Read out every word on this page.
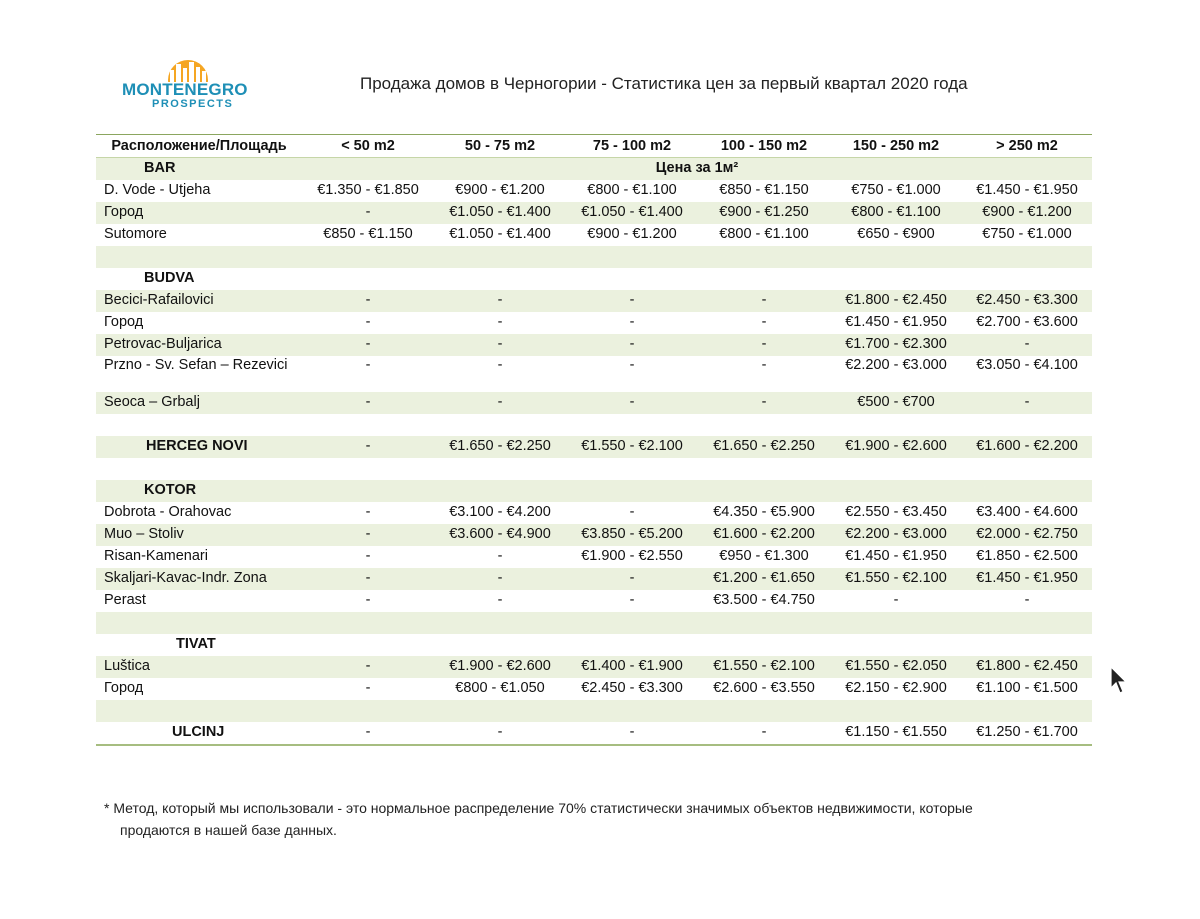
MONTENEGRO
PROSPECTS
Продажа домов в Черногории - Статистика цен за первый квартал 2020 года
Расположение/Площадь	< 50 m2	50 - 75 m2	75 - 100 m2	100 - 150 m2	150 - 250 m2	> 250 m2
BAR	Цена за 1м²					
D. Vode - Utjeha	€1.350 - €1.850	€900 - €1.200	€800 - €1.100	€850 - €1.150	€750 - €1.000	€1.450 - €1.950
Город	-	€1.050 - €1.400	€1.050 - €1.400	€900 - €1.250	€800 - €1.100	€900 - €1.200
Sutomore	€850 - €1.150	€1.050 - €1.400	€900 - €1.200	€800 - €1.100	€650 - €900	€750 - €1.000

BUDVA						
Becici-Rafailovici	-	-	-	-	€1.800 - €2.450	€2.450 - €3.300
Город	-	-	-	-	€1.450 - €1.950	€2.700 - €3.600
Petrovac-Buljarica	-	-	-	-	€1.700 - €2.300	-
Przno - Sv. Sefan – Rezevici	-	-	-	-	€2.200 - €3.000	€3.050 - €4.100
Seoca – Grbalj	-	-	-	-	€500 - €700	-

HERCEG NOVI	-	€1.650 - €2.250	€1.550 - €2.100	€1.650 - €2.250	€1.900 - €2.600	€1.600 - €2.200

KOTOR						
Dobrota - Orahovac	-	€3.100 - €4.200	-	€4.350 - €5.900	€2.550 - €3.450	€3.400 - €4.600
Muo – Stoliv	-	€3.600 - €4.900	€3.850 - €5.200	€1.600 - €2.200	€2.200 - €3.000	€2.000 - €2.750
Risan-Kamenari	-	-	€1.900 - €2.550	€950 - €1.300	€1.450 - €1.950	€1.850 - €2.500
Skaljari-Kavac-Indr. Zona	-	-	-	€1.200 - €1.650	€1.550 - €2.100	€1.450 - €1.950
Perast	-	-	-	€3.500 - €4.750	-	-

TIVAT						
Luštica	-	€1.900 - €2.600	€1.400 - €1.900	€1.550 - €2.100	€1.550 - €2.050	€1.800 - €2.450
Город	-	€800 - €1.050	€2.450 - €3.300	€2.600 - €3.550	€2.150 - €2.900	€1.100 - €1.500

ULCINJ	-	-	-	-	€1.150 - €1.550	€1.250 - €1.700
* Метод, который мы использовали - это нормальное распределение 70% статистически значимых объектов недвижимости, которые
продаются в нашей базе данных.
